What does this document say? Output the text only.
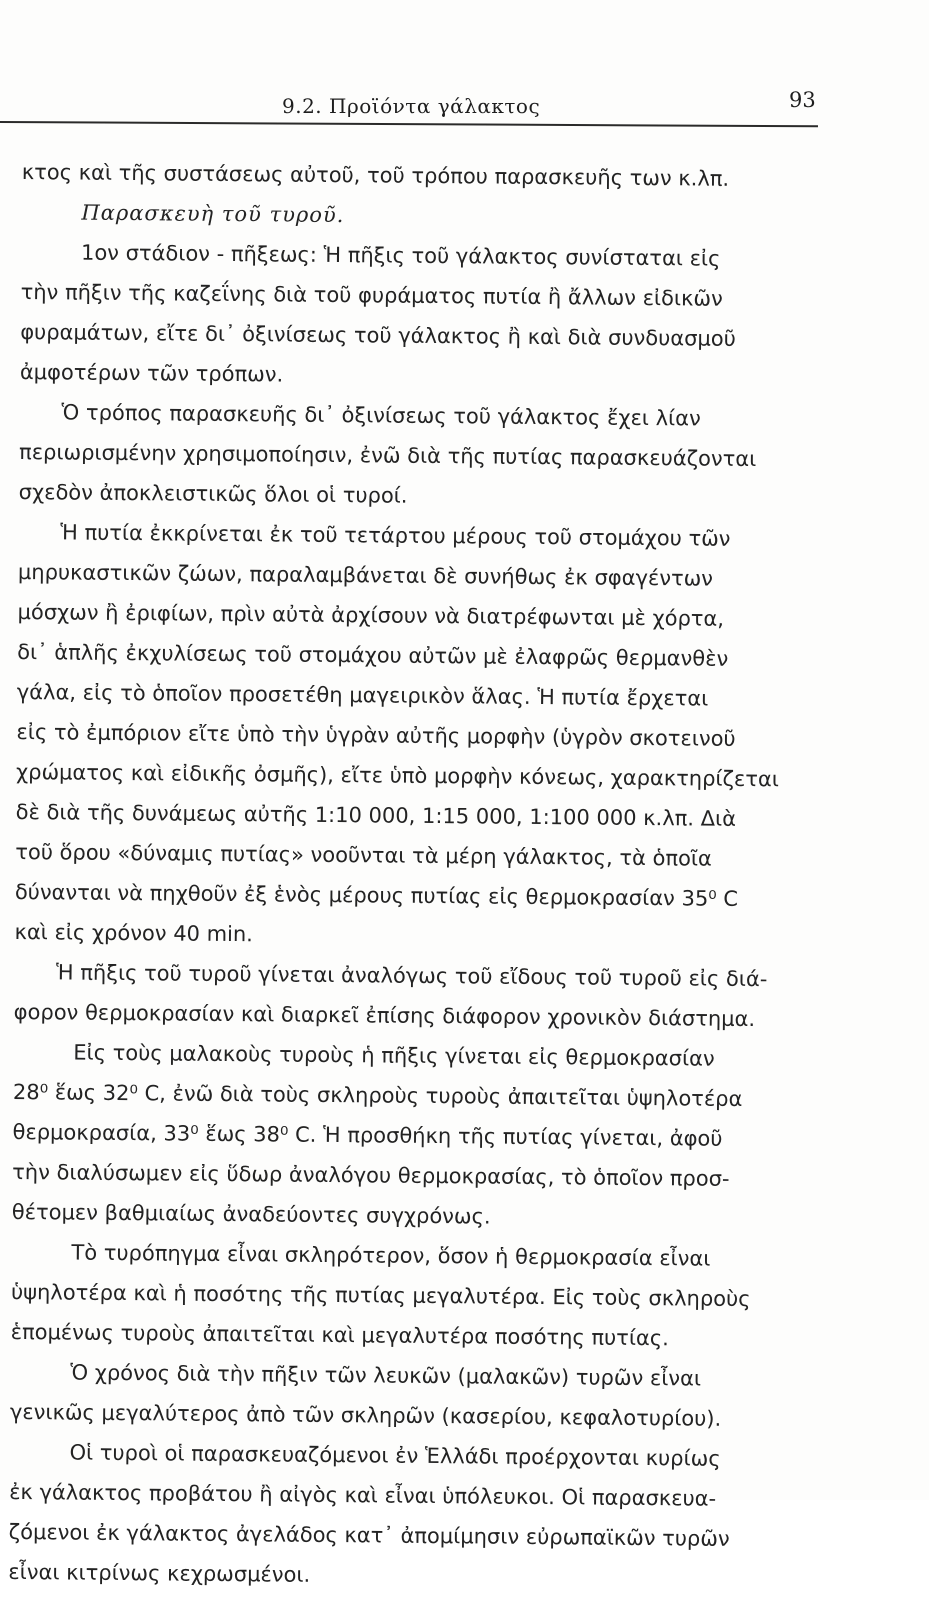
9.2. Προϊόντα γάλακτος	93
κτος καὶ τῆς συστάσεως αὐτοῦ, τοῦ τρόπου παρασκευῆς των κ.λπ.
Παρασκευὴ τοῦ τυροῦ.
1ον στάδιον - πῆξεως: Ἡ πῆξις τοῦ γάλακτος συνίσταται εἰς
τὴν πῆξιν τῆς καζεΐνης διὰ τοῦ φυράματος πυτία ἢ ἄλλων εἰδικῶν
φυραμάτων, εἴτε δι᾽ ὀξινίσεως τοῦ γάλακτος ἢ καὶ διὰ συνδυασμοῦ
ἀμφοτέρων τῶν τρόπων.
Ὁ τρόπος παρασκευῆς δι᾽ ὀξινίσεως τοῦ γάλακτος ἔχει λίαν
περιωρισμένην χρησιμοποίησιν, ἐνῶ διὰ τῆς πυτίας παρασκευάζονται
σχεδὸν ἀποκλειστικῶς ὅλοι οἱ τυροί.
Ἡ πυτία ἐκκρίνεται ἐκ τοῦ τετάρτου μέρους τοῦ στομάχου τῶν
μηρυκαστικῶν ζώων, παραλαμβάνεται δὲ συνήθως ἐκ σφαγέντων
μόσχων ἢ ἐριφίων, πρὶν αὐτὰ ἀρχίσουν νὰ διατρέφωνται μὲ χόρτα,
δι᾽ ἁπλῆς ἐκχυλίσεως τοῦ στομάχου αὐτῶν μὲ ἐλαφρῶς θερμανθὲν
γάλα, εἰς τὸ ὁποῖον προσετέθη μαγειρικὸν ἅλας. Ἡ πυτία ἔρχεται
εἰς τὸ ἐμπόριον εἴτε ὑπὸ τὴν ὑγρὰν αὐτῆς μορφὴν (ὑγρὸν σκοτεινοῦ
χρώματος καὶ εἰδικῆς ὀσμῆς), εἴτε ὑπὸ μορφὴν κόνεως, χαρακτηρίζεται
δὲ διὰ τῆς δυνάμεως αὐτῆς 1:10 000, 1:15 000, 1:100 000 κ.λπ. Διὰ
τοῦ ὅρου «δύναμις πυτίας» νοοῦνται τὰ μέρη γάλακτος, τὰ ὁποῖα
δύνανται νὰ πηχθοῦν ἐξ ἑνὸς μέρους πυτίας εἰς θερμοκρασίαν 35⁰ C
καὶ εἰς χρόνον 40 min.
Ἡ πῆξις τοῦ τυροῦ γίνεται ἀναλόγως τοῦ εἴδους τοῦ τυροῦ εἰς διά-
φορον θερμοκρασίαν καὶ διαρκεῖ ἐπίσης διάφορον χρονικὸν διάστημα.
Εἰς τοὺς μαλακοὺς τυροὺς ἡ πῆξις γίνεται εἰς θερμοκρασίαν
28⁰ ἕως 32⁰ C, ἐνῶ διὰ τοὺς σκληροὺς τυροὺς ἀπαιτεῖται ὑψηλοτέρα
θερμοκρασία, 33⁰ ἕως 38⁰ C. Ἡ προσθήκη τῆς πυτίας γίνεται, ἀφοῦ
τὴν διαλύσωμεν εἰς ὕδωρ ἀναλόγου θερμοκρασίας, τὸ ὁποῖον προσ-
θέτομεν βαθμιαίως ἀναδεύοντες συγχρόνως.
Τὸ τυρόπηγμα εἶναι σκληρότερον, ὅσον ἡ θερμοκρασία εἶναι
ὑψηλοτέρα καὶ ἡ ποσότης τῆς πυτίας μεγαλυτέρα. Εἰς τοὺς σκληροὺς
ἑπομένως τυροὺς ἀπαιτεῖται καὶ μεγαλυτέρα ποσότης πυτίας.
Ὁ χρόνος διὰ τὴν πῆξιν τῶν λευκῶν (μαλακῶν) τυρῶν εἶναι
γενικῶς μεγαλύτερος ἀπὸ τῶν σκληρῶν (κασερίου, κεφαλοτυρίου).
Οἱ τυροὶ οἱ παρασκευαζόμενοι ἐν Ἑλλάδι προέρχονται κυρίως
ἐκ γάλακτος προβάτου ἢ αἰγὸς καὶ εἶναι ὑπόλευκοι. Οἱ παρασκευα-
ζόμενοι ἐκ γάλακτος ἀγελάδος κατ᾽ ἀπομίμησιν εὐρωπαϊκῶν τυρῶν
εἶναι κιτρίνως κεχρωσμένοι.
